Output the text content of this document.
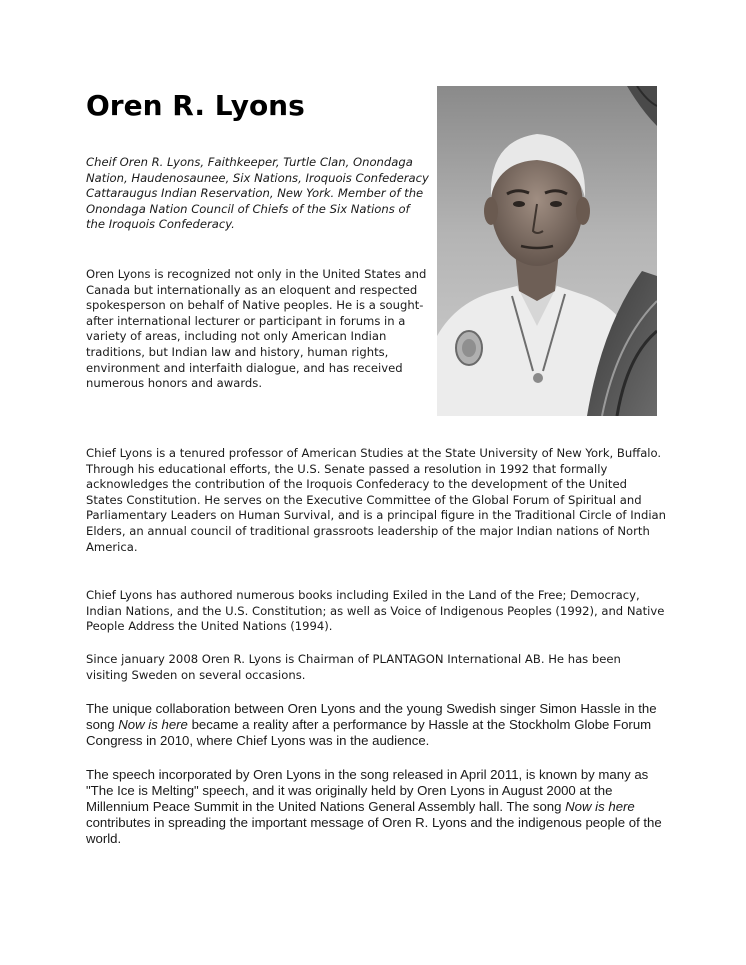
Oren R. Lyons

Cheif Oren R. Lyons, Faithkeeper, Turtle Clan, Onondaga Nation, Haudenosaunee, Six Nations, Iroquois Confederacy Cattaraugus Indian Reservation, New York. Member of the Onondaga Nation Council of Chiefs of the Six Nations of the Iroquois Confederacy.

Oren Lyons is recognized not only in the United States and Canada but internationally as an eloquent and respected spokesperson on behalf of Native peoples. He is a sought-after international lecturer or participant in forums in a variety of areas, including not only American Indian traditions, but Indian law and history, human rights, environment and interfaith dialogue, and has received numerous honors and awards.

Chief Lyons is a tenured professor of American Studies at the State University of New York, Buffalo. Through his educational efforts, the U.S. Senate passed a resolution in 1992 that formally acknowledges the contribution of the Iroquois Confederacy to the development of the United States Constitution. He serves on the Executive Committee of the Global Forum of Spiritual and Parliamentary Leaders on Human Survival, and is a principal figure in the Traditional Circle of Indian Elders, an annual council of traditional grassroots leadership of the major Indian nations of North America.

Chief Lyons has authored numerous books including Exiled in the Land of the Free; Democracy, Indian Nations, and the U.S. Constitution; as well as Voice of Indigenous Peoples (1992), and Native People Address the United Nations (1994).

Since january 2008 Oren R. Lyons is Chairman of PLANTAGON International AB. He has been visiting Sweden on several occasions.

The unique collaboration between Oren Lyons and the young Swedish singer Simon Hassle in the song Now is here became a reality after a performance by Hassle at the Stockholm Globe Forum Congress in 2010, where Chief Lyons was in the audience.

The speech incorporated by Oren Lyons in the song released in April 2011, is known by many as "The Ice is Melting" speech, and it was originally held by Oren Lyons in August 2000 at the Millennium Peace Summit in the United Nations General Assembly hall. The song Now is here contributes in spreading the important message of Oren R. Lyons and the indigenous people of the world.
